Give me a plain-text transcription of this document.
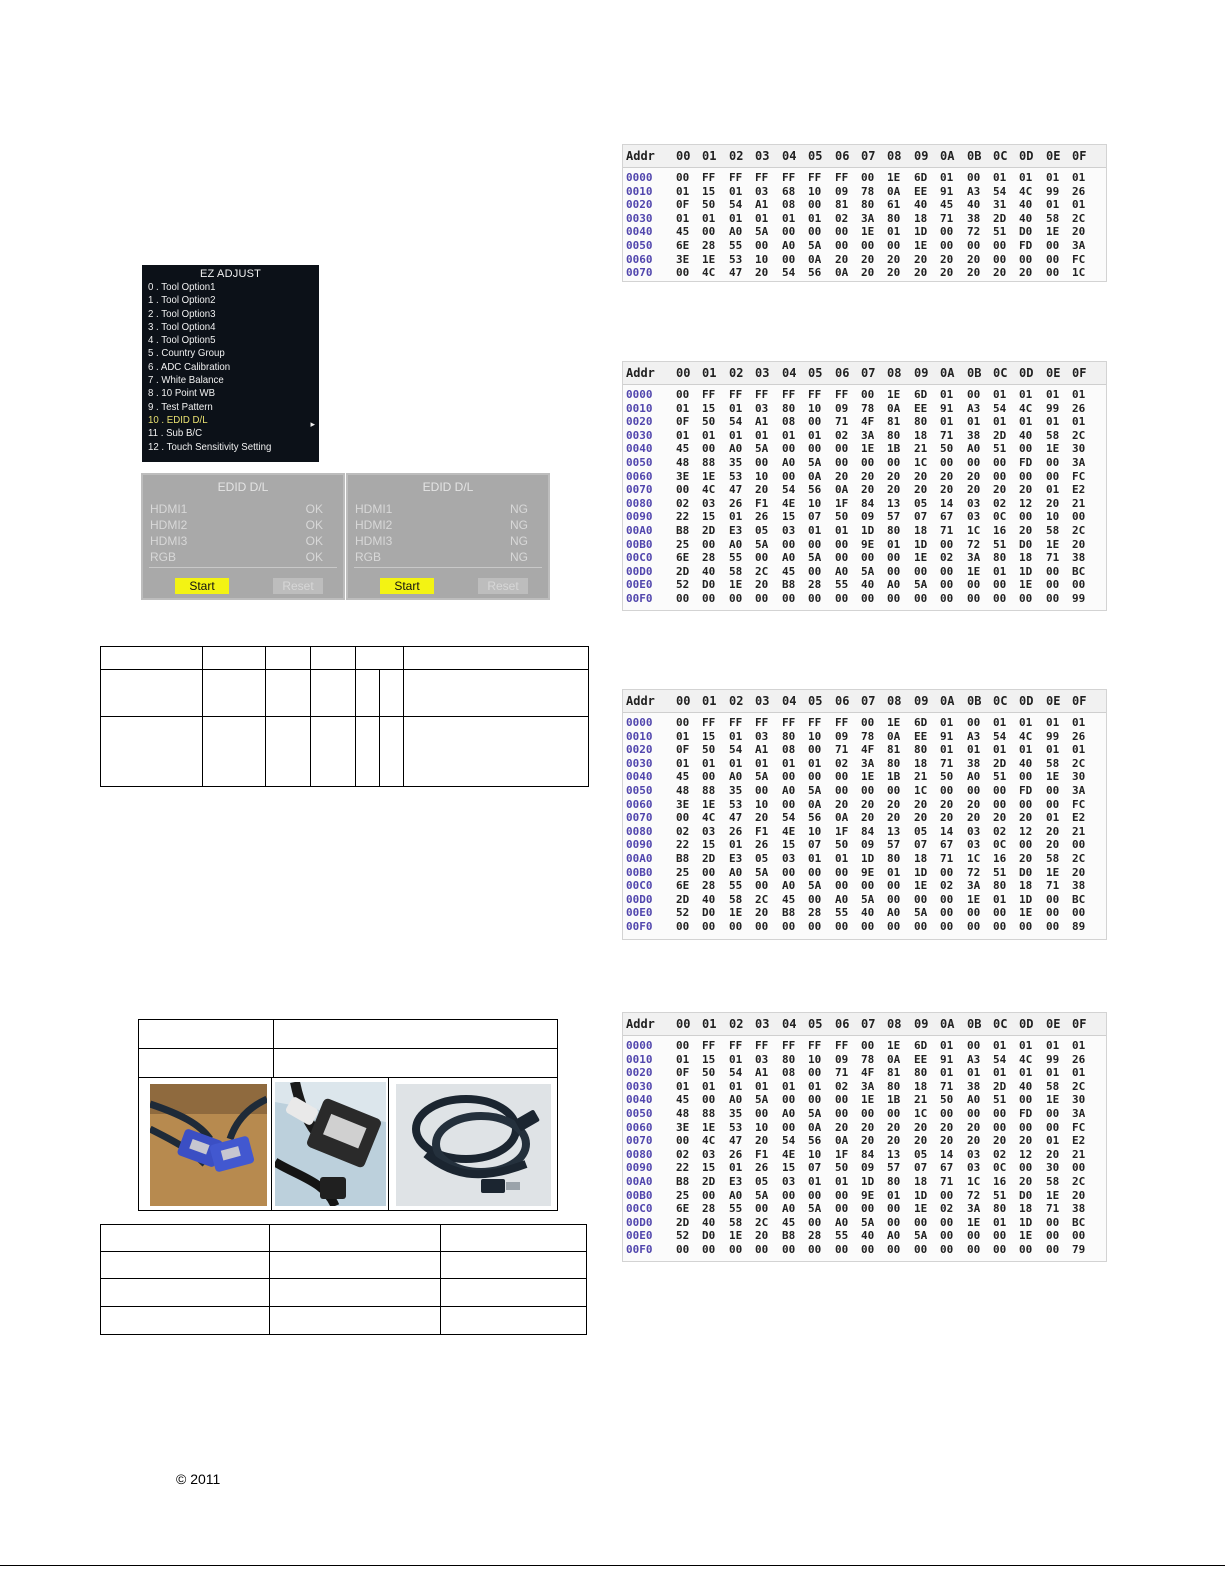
EZ ADJUST
0 . Tool Option1
1 . Tool Option2
2 . Tool Option3
3 . Tool Option4
4 . Tool Option5
5 . Country Group
6 . ADC Calibration
7 . White Balance
8 . 10 Point WB
9 . Test Pattern
10 . EDID D/L
11 . Sub B/C
12 . Touch Sensitivity Setting
▸
EDID D/L
HDMI1	OK
HDMI2	OK
HDMI3	OK
RGB	OK
Start	Reset
EDID D/L
HDMI1	NG
HDMI2	NG
HDMI3	NG
RGB	NG
Start	Reset

Addr 00 01 02 03 04 05 06 07 08 09 0A 0B 0C 0D 0E 0F
0000 00 FF FF FF FF FF FF 00 1E 6D 01 00 01 01 01 01
0010 01 15 01 03 68 10 09 78 0A EE 91 A3 54 4C 99 26
0020 0F 50 54 A1 08 00 81 80 61 40 45 40 31 40 01 01
0030 01 01 01 01 01 01 02 3A 80 18 71 38 2D 40 58 2C
0040 45 00 A0 5A 00 00 00 1E 01 1D 00 72 51 D0 1E 20
0050 6E 28 55 00 A0 5A 00 00 00 1E 00 00 00 FD 00 3A
0060 3E 1E 53 10 00 0A 20 20 20 20 20 20 00 00 00 FC
0070 00 4C 47 20 54 56 0A 20 20 20 20 20 20 20 00 1C
Addr 00 01 02 03 04 05 06 07 08 09 0A 0B 0C 0D 0E 0F
0000 00 FF FF FF FF FF FF 00 1E 6D 01 00 01 01 01 01
0010 01 15 01 03 80 10 09 78 0A EE 91 A3 54 4C 99 26
0020 0F 50 54 A1 08 00 71 4F 81 80 01 01 01 01 01 01
0030 01 01 01 01 01 01 02 3A 80 18 71 38 2D 40 58 2C
0040 45 00 A0 5A 00 00 00 1E 1B 21 50 A0 51 00 1E 30
0050 48 88 35 00 A0 5A 00 00 00 1C 00 00 00 FD 00 3A
0060 3E 1E 53 10 00 0A 20 20 20 20 20 20 00 00 00 FC
0070 00 4C 47 20 54 56 0A 20 20 20 20 20 20 20 01 E2
0080 02 03 26 F1 4E 10 1F 84 13 05 14 03 02 12 20 21
0090 22 15 01 26 15 07 50 09 57 07 67 03 0C 00 10 00
00A0 B8 2D E3 05 03 01 01 1D 80 18 71 1C 16 20 58 2C
00B0 25 00 A0 5A 00 00 00 9E 01 1D 00 72 51 D0 1E 20
00C0 6E 28 55 00 A0 5A 00 00 00 1E 02 3A 80 18 71 38
00D0 2D 40 58 2C 45 00 A0 5A 00 00 00 1E 01 1D 00 BC
00E0 52 D0 1E 20 B8 28 55 40 A0 5A 00 00 00 1E 00 00
00F0 00 00 00 00 00 00 00 00 00 00 00 00 00 00 00 99
Addr 00 01 02 03 04 05 06 07 08 09 0A 0B 0C 0D 0E 0F
0000 00 FF FF FF FF FF FF 00 1E 6D 01 00 01 01 01 01
0010 01 15 01 03 80 10 09 78 0A EE 91 A3 54 4C 99 26
0020 0F 50 54 A1 08 00 71 4F 81 80 01 01 01 01 01 01
0030 01 01 01 01 01 01 02 3A 80 18 71 38 2D 40 58 2C
0040 45 00 A0 5A 00 00 00 1E 1B 21 50 A0 51 00 1E 30
0050 48 88 35 00 A0 5A 00 00 00 1C 00 00 00 FD 00 3A
0060 3E 1E 53 10 00 0A 20 20 20 20 20 20 00 00 00 FC
0070 00 4C 47 20 54 56 0A 20 20 20 20 20 20 20 01 E2
0080 02 03 26 F1 4E 10 1F 84 13 05 14 03 02 12 20 21
0090 22 15 01 26 15 07 50 09 57 07 67 03 0C 00 20 00
00A0 B8 2D E3 05 03 01 01 1D 80 18 71 1C 16 20 58 2C
00B0 25 00 A0 5A 00 00 00 9E 01 1D 00 72 51 D0 1E 20
00C0 6E 28 55 00 A0 5A 00 00 00 1E 02 3A 80 18 71 38
00D0 2D 40 58 2C 45 00 A0 5A 00 00 00 1E 01 1D 00 BC
00E0 52 D0 1E 20 B8 28 55 40 A0 5A 00 00 00 1E 00 00
00F0 00 00 00 00 00 00 00 00 00 00 00 00 00 00 00 89
Addr 00 01 02 03 04 05 06 07 08 09 0A 0B 0C 0D 0E 0F
0000 00 FF FF FF FF FF FF 00 1E 6D 01 00 01 01 01 01
0010 01 15 01 03 80 10 09 78 0A EE 91 A3 54 4C 99 26
0020 0F 50 54 A1 08 00 71 4F 81 80 01 01 01 01 01 01
0030 01 01 01 01 01 01 02 3A 80 18 71 38 2D 40 58 2C
0040 45 00 A0 5A 00 00 00 1E 1B 21 50 A0 51 00 1E 30
0050 48 88 35 00 A0 5A 00 00 00 1C 00 00 00 FD 00 3A
0060 3E 1E 53 10 00 0A 20 20 20 20 20 20 00 00 00 FC
0070 00 4C 47 20 54 56 0A 20 20 20 20 20 20 20 01 E2
0080 02 03 26 F1 4E 10 1F 84 13 05 14 03 02 12 20 21
0090 22 15 01 26 15 07 50 09 57 07 67 03 0C 00 30 00
00A0 B8 2D E3 05 03 01 01 1D 80 18 71 1C 16 20 58 2C
00B0 25 00 A0 5A 00 00 00 9E 01 1D 00 72 51 D0 1E 20
00C0 6E 28 55 00 A0 5A 00 00 00 1E 02 3A 80 18 71 38
00D0 2D 40 58 2C 45 00 A0 5A 00 00 00 1E 01 1D 00 BC
00E0 52 D0 1E 20 B8 28 55 40 A0 5A 00 00 00 1E 00 00
00F0 00 00 00 00 00 00 00 00 00 00 00 00 00 00 00 79
© 2011
